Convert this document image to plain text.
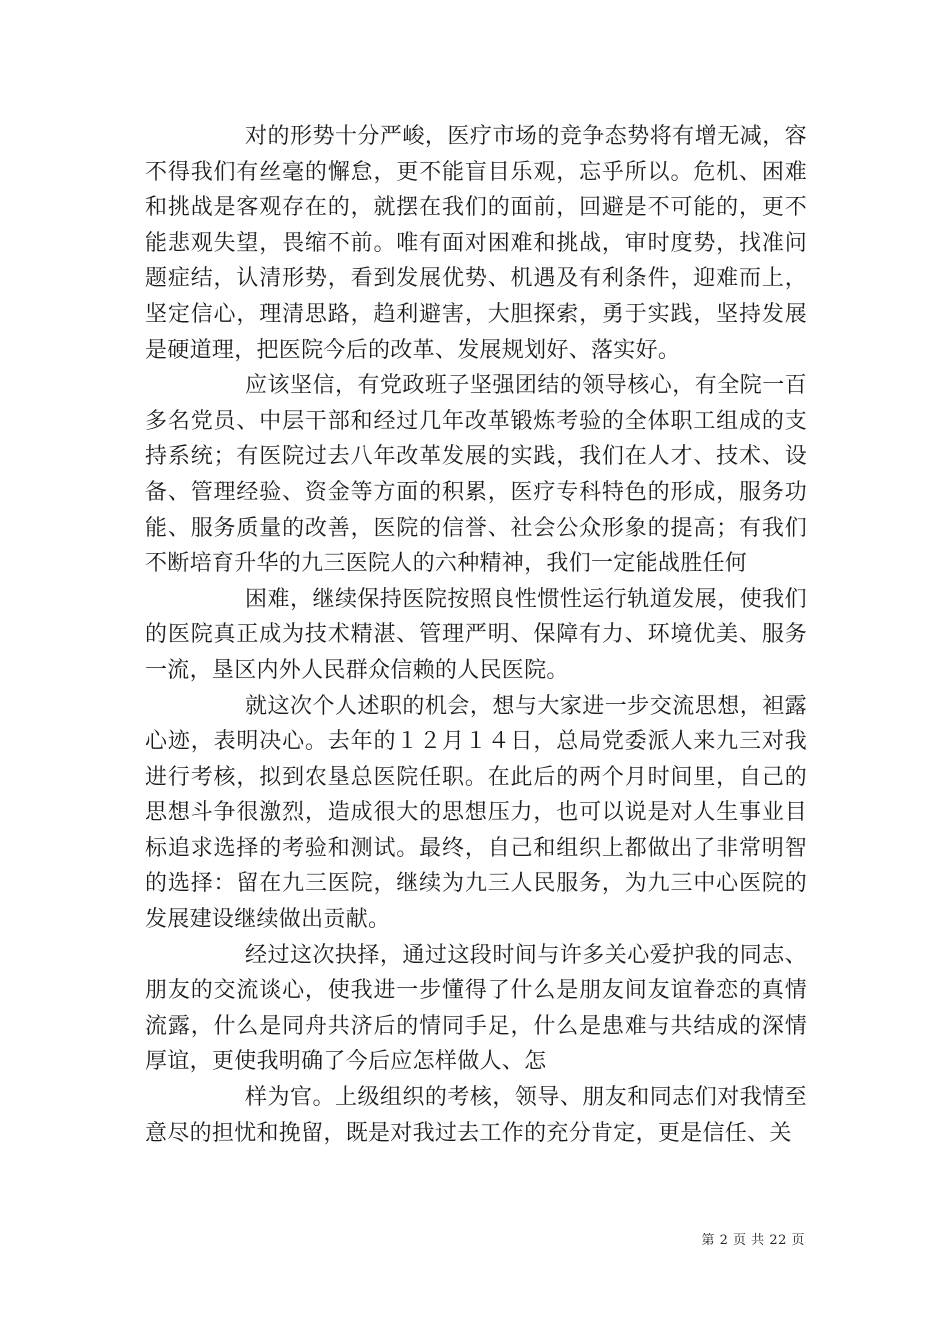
对的形势十分严峻，医疗市场的竞争态势将有增无减，容不得我们有丝毫的懈怠，更不能盲目乐观，忘乎所以。危机、困难和挑战是客观存在的，就摆在我们的面前，回避是不可能的，更不能悲观失望，畏缩不前。唯有面对困难和挑战，审时度势，找准问题症结，认清形势，看到发展优势、机遇及有利条件，迎难而上，坚定信心，理清思路，趋利避害，大胆探索，勇于实践，坚持发展是硬道理，把医院今后的改革、发展规划好、落实好。

应该坚信，有党政班子坚强团结的领导核心，有全院一百多名党员、中层干部和经过几年改革锻炼考验的全体职工组成的支持系统；有医院过去八年改革发展的实践，我们在人才、技术、设备、管理经验、资金等方面的积累，医疗专科特色的形成，服务功能、服务质量的改善，医院的信誉、社会公众形象的提高；有我们不断培育升华的九三医院人的六种精神，我们一定能战胜任何

困难，继续保持医院按照良性惯性运行轨道发展，使我们的医院真正成为技术精湛、管理严明、保障有力、环境优美、服务一流，垦区内外人民群众信赖的人民医院。

就这次个人述职的机会，想与大家进一步交流思想，袒露心迹，表明决心。去年的１２月１４日，总局党委派人来九三对我进行考核，拟到农垦总医院任职。在此后的两个月时间里，自己的思想斗争很激烈，造成很大的思想压力，也可以说是对人生事业目标追求选择的考验和测试。最终，自己和组织上都做出了非常明智的选择：留在九三医院，继续为九三人民服务，为九三中心医院的发展建设继续做出贡献。

经过这次抉择，通过这段时间与许多关心爱护我的同志、朋友的交流谈心，使我进一步懂得了什么是朋友间友谊眷恋的真情流露，什么是同舟共济后的情同手足，什么是患难与共结成的深情厚谊，更使我明确了今后应怎样做人、怎

样为官。上级组织的考核，领导、朋友和同志们对我情至意尽的担忧和挽留，既是对我过去工作的充分肯定，更是信任、关

第 2 页 共 22 页
